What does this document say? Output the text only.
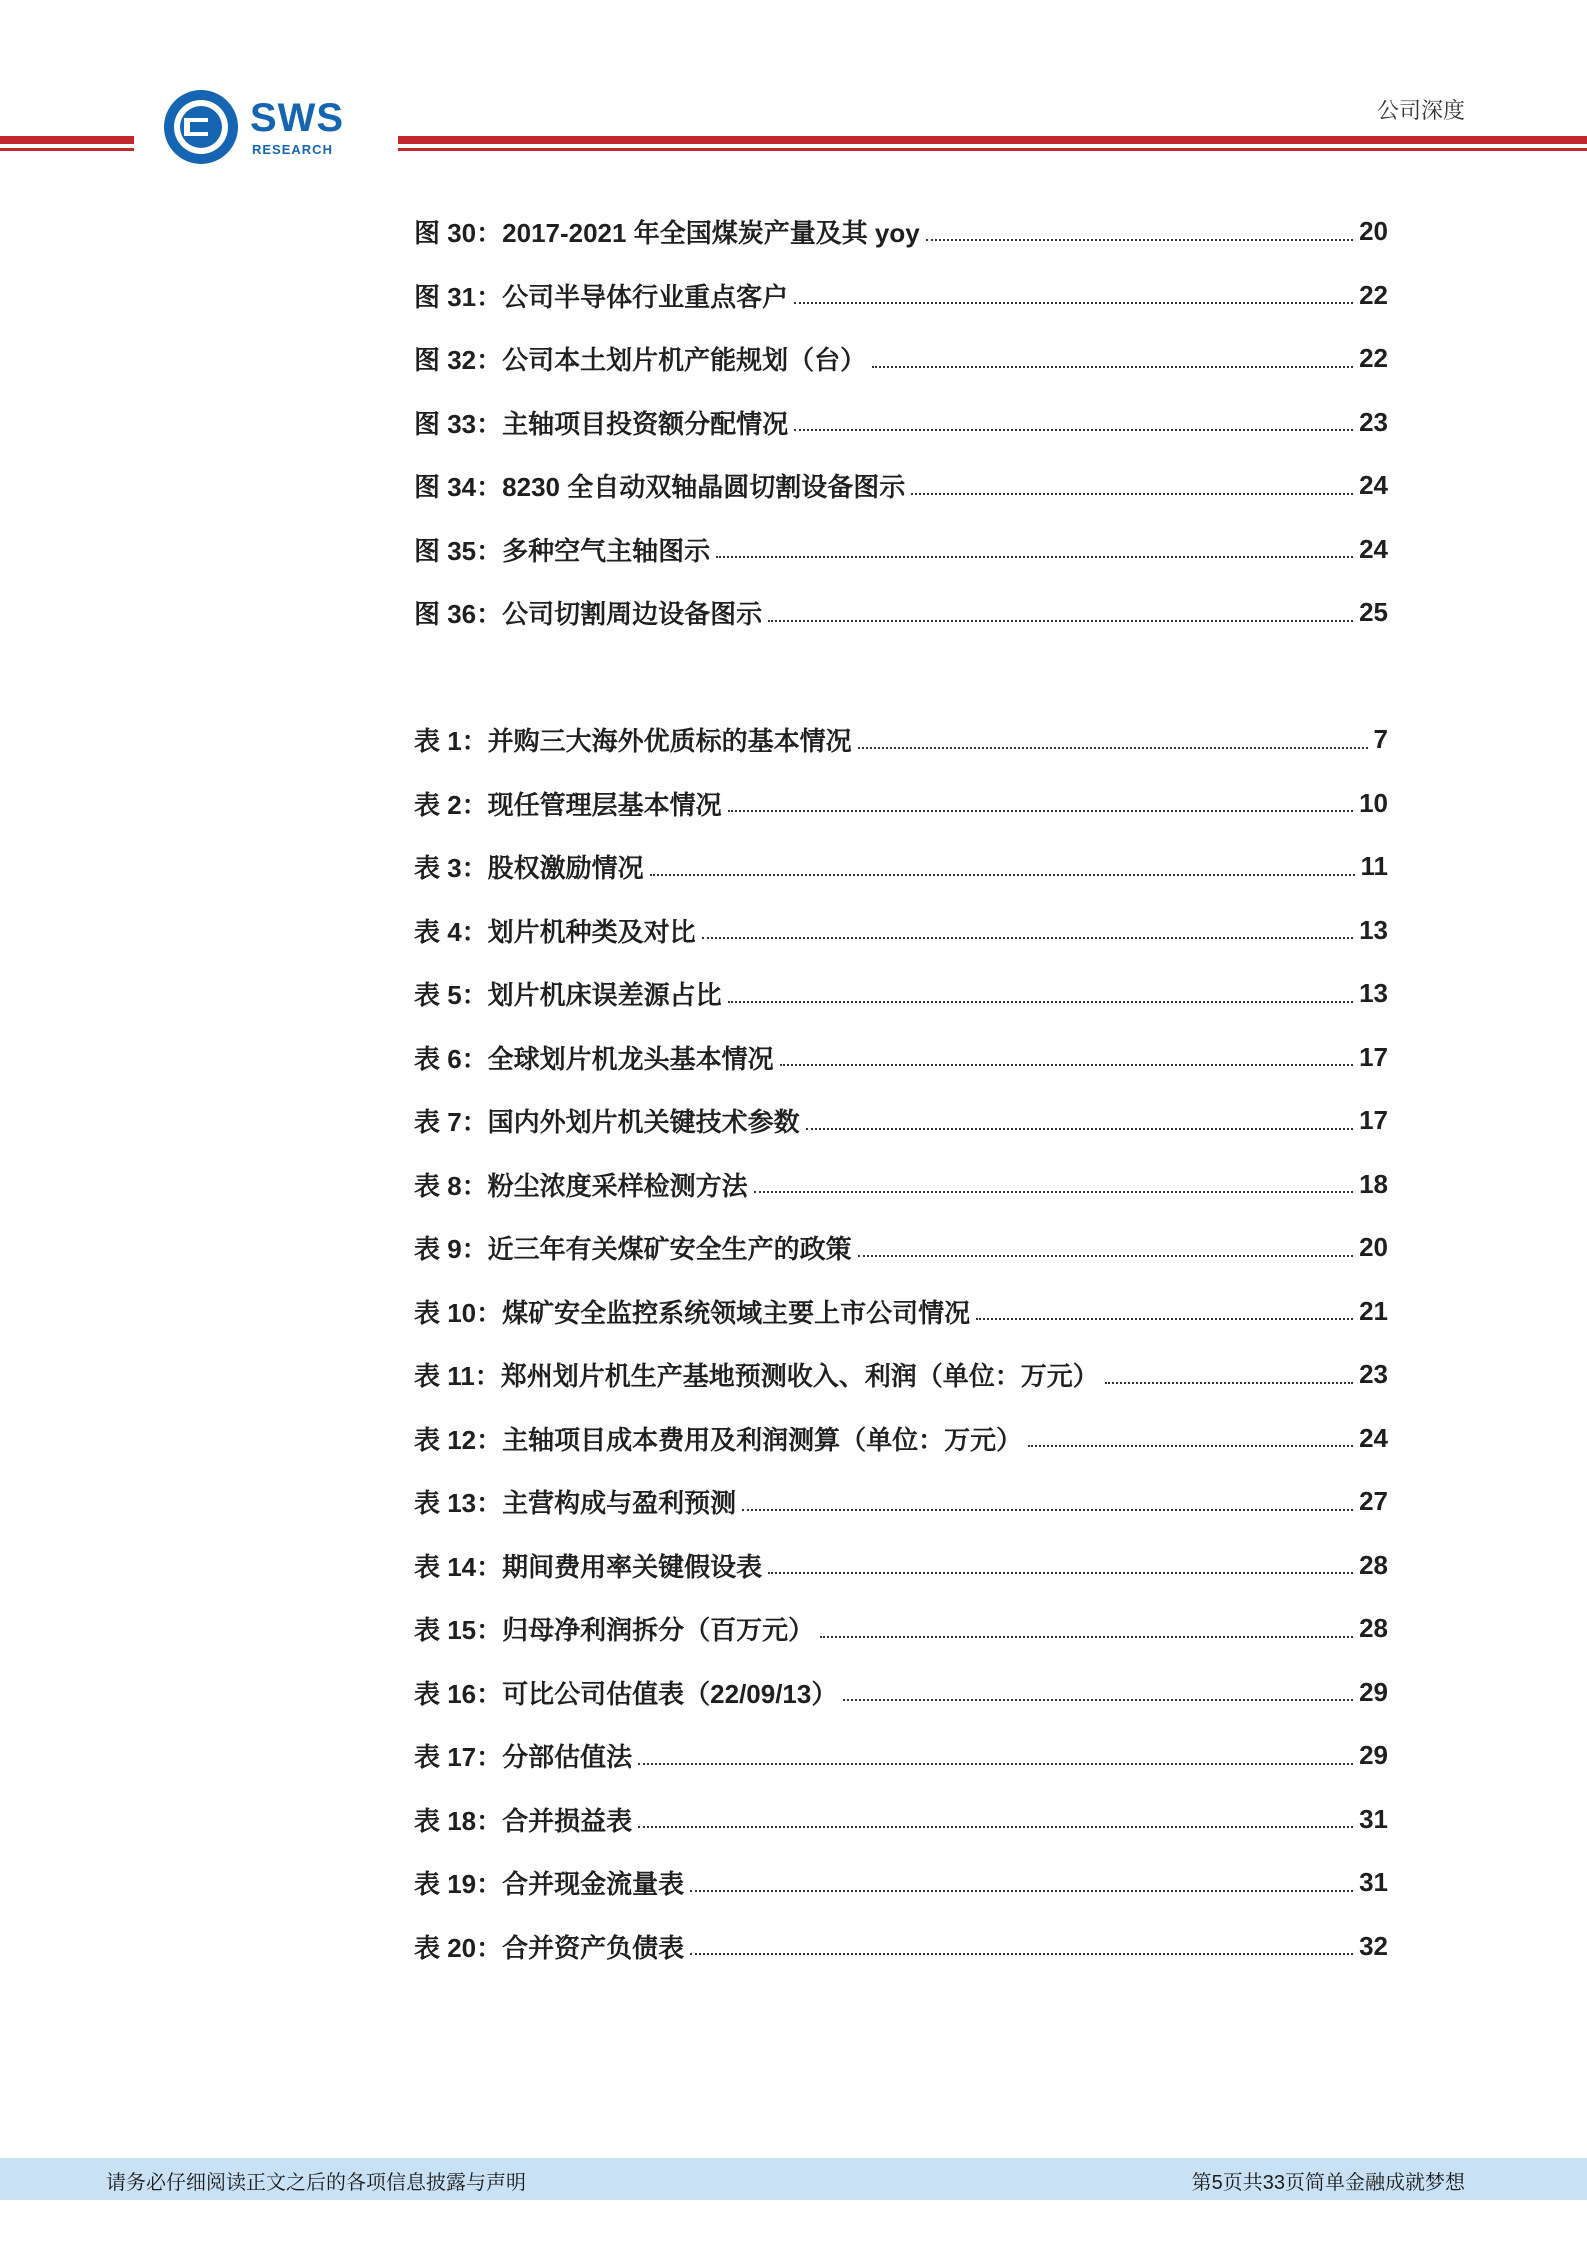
SWS
RESEARCH
公司深度
图 30：2017-2021 年全国煤炭产量及其 yoy	20
图 31：公司半导体行业重点客户	22
图 32：公司本土划片机产能规划（台）	22
图 33：主轴项目投资额分配情况	23
图 34：8230 全自动双轴晶圆切割设备图示	24
图 35：多种空气主轴图示	24
图 36：公司切割周边设备图示	25
表 1：并购三大海外优质标的基本情况	7
表 2：现任管理层基本情况	10
表 3：股权激励情况	11
表 4：划片机种类及对比	13
表 5：划片机床误差源占比	13
表 6：全球划片机龙头基本情况	17
表 7：国内外划片机关键技术参数	17
表 8：粉尘浓度采样检测方法	18
表 9：近三年有关煤矿安全生产的政策	20
表 10：煤矿安全监控系统领域主要上市公司情况	21
表 11：郑州划片机生产基地预测收入、利润（单位：万元）	23
表 12：主轴项目成本费用及利润测算（单位：万元）	24
表 13：主营构成与盈利预测	27
表 14：期间费用率关键假设表	28
表 15：归母净利润拆分（百万元）	28
表 16：可比公司估值表（22/09/13）	29
表 17：分部估值法	29
表 18：合并损益表	31
表 19：合并现金流量表	31
表 20：合并资产负债表	32
请务必仔细阅读正文之后的各项信息披露与声明	第5页共33页简单金融成就梦想
